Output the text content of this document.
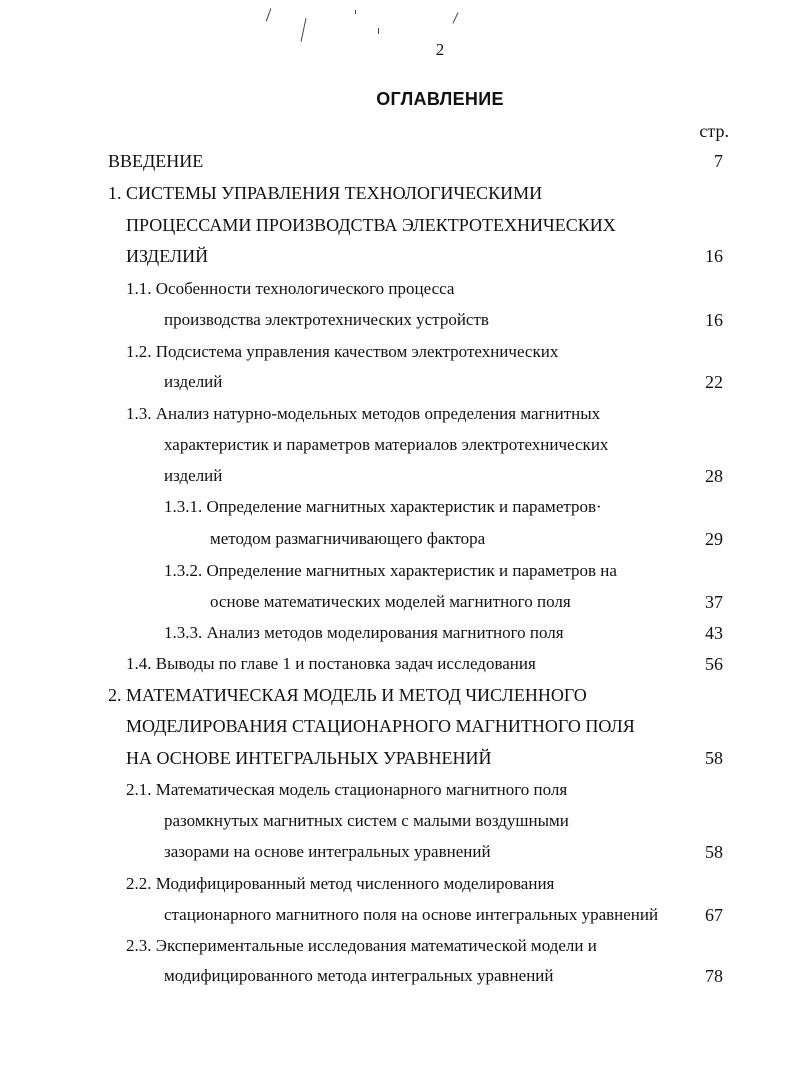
2
ОГЛАВЛЕНИЕ
стр.
ВВЕДЕНИЕ	7
1. СИСТЕМЫ УПРАВЛЕНИЯ ТЕХНОЛОГИЧЕСКИМИ
ПРОЦЕССАМИ ПРОИЗВОДСТВА ЭЛЕКТРОТЕХНИЧЕСКИХ
ИЗДЕЛИЙ	16
1.1. Особенности технологического процесса
производства электротехнических устройств	16
1.2. Подсистема управления качеством электротехнических
изделий	22
1.3. Анализ натурно-модельных методов определения магнитных
характеристик и параметров материалов электротехнических
изделий	28
1.3.1. Определение магнитных характеристик и параметров·
методом размагничивающего фактора	29
1.3.2. Определение магнитных характеристик и параметров на
основе математических моделей магнитного поля	37
1.3.3. Анализ методов моделирования магнитного поля	43
1.4. Выводы по главе 1 и постановка задач исследования	56
2. МАТЕМАТИЧЕСКАЯ МОДЕЛЬ И МЕТОД ЧИСЛЕННОГО
МОДЕЛИРОВАНИЯ СТАЦИОНАРНОГО МАГНИТНОГО ПОЛЯ
НА ОСНОВЕ ИНТЕГРАЛЬНЫХ УРАВНЕНИЙ	58
2.1. Математическая модель стационарного магнитного поля
разомкнутых магнитных систем с малыми воздушными
зазорами на основе интегральных уравнений	58
2.2. Модифицированный метод численного моделирования
стационарного магнитного поля на основе интегральных уравнений	67
2.3. Экспериментальные исследования математической модели и
модифицированного метода интегральных уравнений	78
